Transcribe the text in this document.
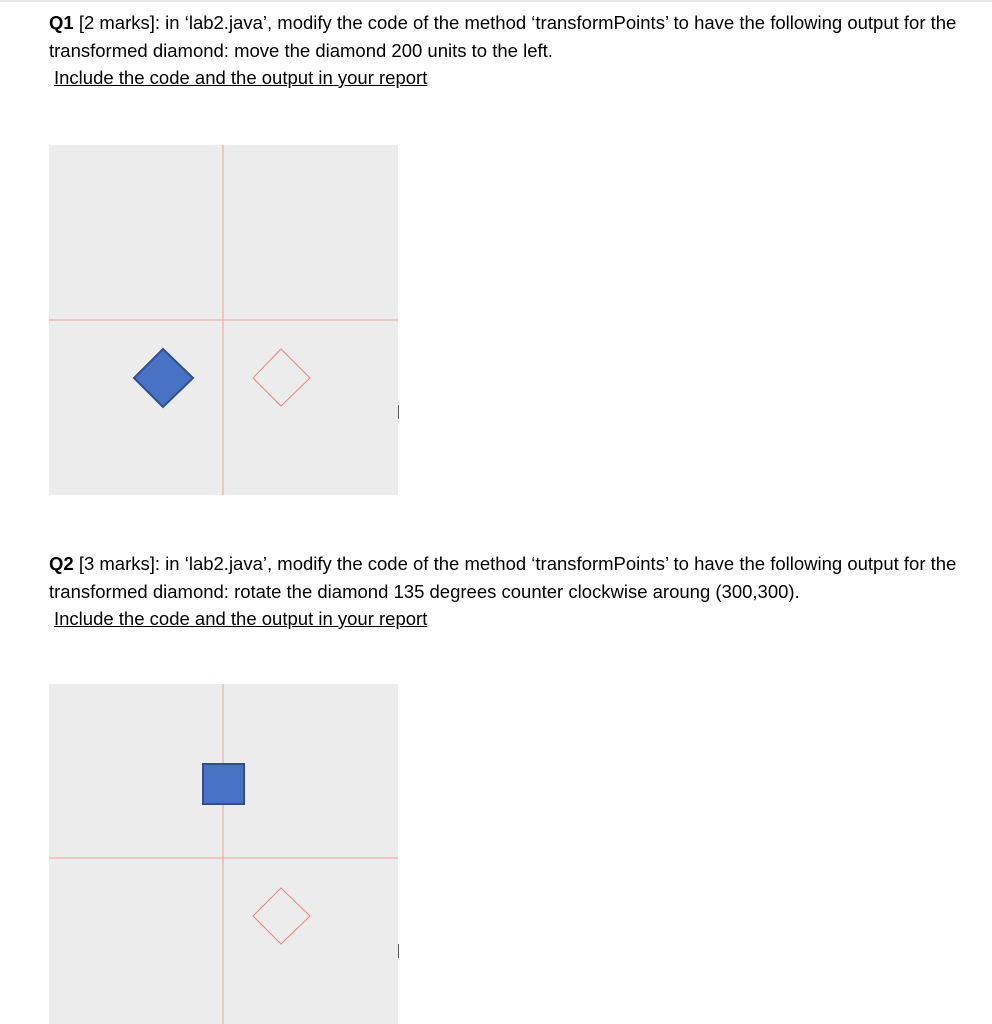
Q1 [2 marks]: in ‘lab2.java’, modify the code of the method ‘transformPoints’ to have the following output for the transformed diamond: move the diamond 200 units to the left.

Include the code and the output in your report

Q2 [3 marks]: in ‘lab2.java’, modify the code of the method ‘transformPoints’ to have the following output for the transformed diamond: rotate the diamond 135 degrees counter clockwise aroung (300,300).

Include the code and the output in your report
